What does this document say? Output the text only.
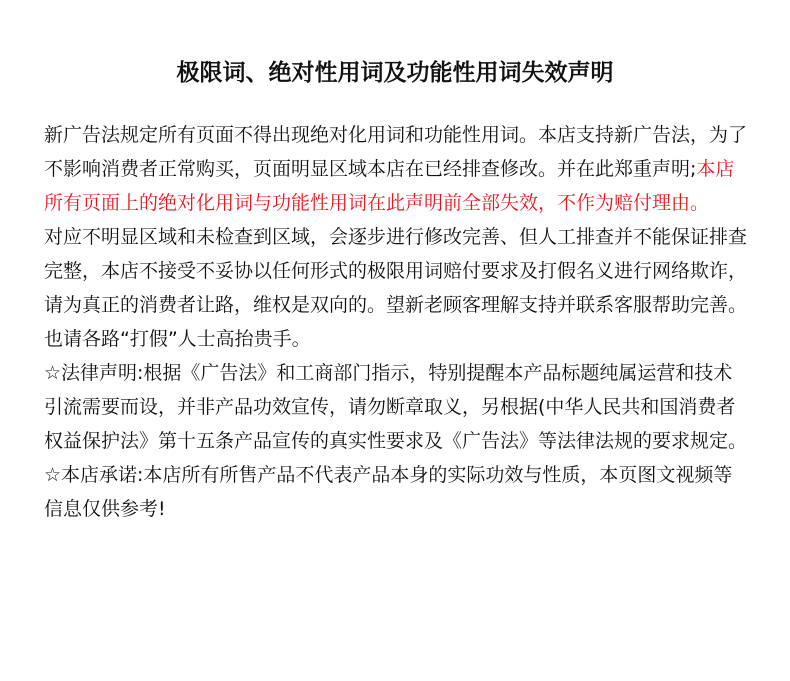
极限词、绝对性用词及功能性用词失效声明

新广告法规定所有页面不得出现绝对化用词和功能性用词。本店支持新广告法，为了不影响消费者正常购买，页面明显区域本店在已经排查修改。并在此郑重声明;本店所有页面上的绝对化用词与功能性用词在此声明前全部失效，不作为赔付理由。

对应不明显区域和未检查到区域，会逐步进行修改完善、但人工排查并不能保证排查完整，本店不接受不妥协以任何形式的极限用词赔付要求及打假名义进行网络欺诈，请为真正的消费者让路，维权是双向的。望新老顾客理解支持并联系客服帮助完善。也请各路“打假”人士高抬贵手。

☆法律声明:根据《广告法》和工商部门指示，特别提醒本产品标题纯属运营和技术引流需要而设，并非产品功效宣传，请勿断章取义，另根据(中华人民共和国消费者权益保护法》第十五条产品宣传的真实性要求及《广告法》等法律法规的要求规定。

☆本店承诺:本店所有所售产品不代表产品本身的实际功效与性质，本页图文视频等信息仅供参考!
